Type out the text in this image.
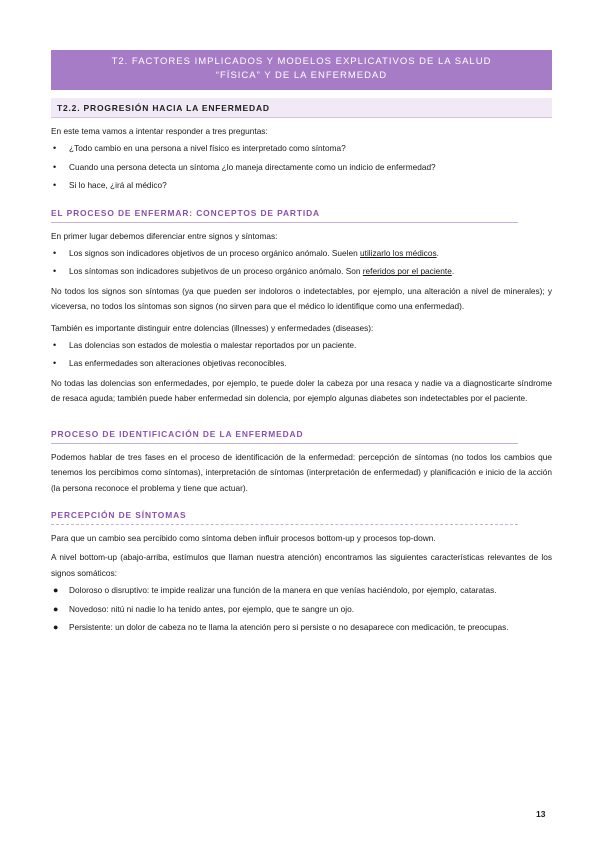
T2. FACTORES IMPLICADOS Y MODELOS EXPLICATIVOS DE LA SALUD
“FÍSICA” Y DE LA ENFERMEDAD
T2.2. PROGRESIÓN HACIA LA ENFERMEDAD

En este tema vamos a intentar responder a tres preguntas:

• ¿Todo cambio en una persona a nivel físico es interpretado como síntoma?
• Cuando una persona detecta un síntoma ¿lo maneja directamente como un indicio de enfermedad?
• Si lo hace, ¿irá al médico?
EL PROCESO DE ENFERMAR: CONCEPTOS DE PARTIDA

En primer lugar debemos diferenciar entre signos y síntomas:

• Los signos son indicadores objetivos de un proceso orgánico anómalo. Suelen utilizarlo los médicos.
• Los síntomas son indicadores subjetivos de un proceso orgánico anómalo. Son referidos por el paciente.

No todos los signos son síntomas (ya que pueden ser indoloros o indetectables, por ejemplo, una alteración a nivel de minerales); y viceversa, no todos los síntomas son signos (no sirven para que el médico lo identifique como una enfermedad).

También es importante distinguir entre dolencias (illnesses) y enfermedades (diseases):

• Las dolencias son estados de molestia o malestar reportados por un paciente.
• Las enfermedades son alteraciones objetivas reconocibles.

No todas las dolencias son enfermedades, por ejemplo, te puede doler la cabeza por una resaca y nadie va a diagnosticarte síndrome de resaca aguda; también puede haber enfermedad sin dolencia, por ejemplo algunas diabetes son indetectables por el paciente.

PROCESO DE IDENTIFICACIÓN DE LA ENFERMEDAD

Podemos hablar de tres fases en el proceso de identificación de la enfermedad: percepción de síntomas (no todos los cambios que tenemos los percibimos como síntomas), interpretación de síntomas (interpretación de enfermedad) y planificación e inicio de la acción (la persona reconoce el problema y tiene que actuar).

PERCEPCIÓN DE SÍNTOMAS

Para que un cambio sea percibido como síntoma deben influir procesos bottom-up y procesos top-down.

A nivel bottom-up (abajo-arriba, estímulos que llaman nuestra atención) encontramos las siguientes características relevantes de los signos somáticos:

● Doloroso o disruptivo: te impide realizar una función de la manera en que venías haciéndolo, por ejemplo, cataratas.
● Novedoso: nitú ni nadie lo ha tenido antes, por ejemplo, que te sangre un ojo.
● Persistente: un dolor de cabeza no te llama la atención pero si persiste o no desaparece con medicación, te preocupas.
13
